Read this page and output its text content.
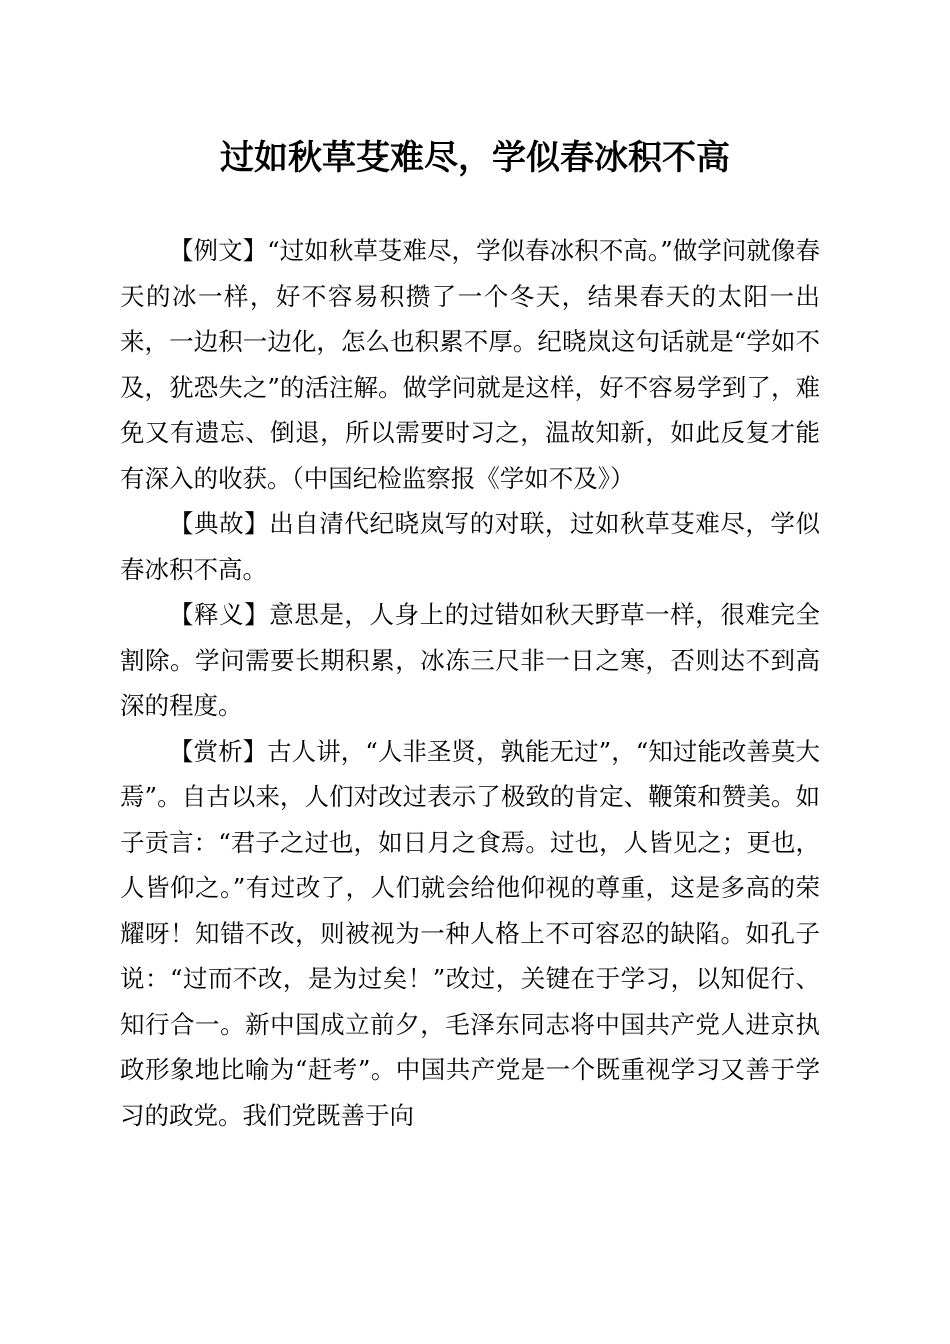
过如秋草芟难尽，学似春冰积不高

【例文】“过如秋草芟难尽，学似春冰积不高。”做学问就像春天的冰一样，好不容易积攒了一个冬天，结果春天的太阳一出来，一边积一边化，怎么也积累不厚。纪晓岚这句话就是“学如不及，犹恐失之”的活注解。做学问就是这样，好不容易学到了，难免又有遗忘、倒退，所以需要时习之，温故知新，如此反复才能有深入的收获。（中国纪检监察报《学如不及》）

【典故】出自清代纪晓岚写的对联，过如秋草芟难尽，学似春冰积不高。

【释义】意思是，人身上的过错如秋天野草一样，很难完全割除。学问需要长期积累，冰冻三尺非一日之寒，否则达不到高深的程度。

【赏析】古人讲，“人非圣贤，孰能无过”，“知过能改善莫大焉”。自古以来，人们对改过表示了极致的肯定、鞭策和赞美。如子贡言：“君子之过也，如日月之食焉。过也，人皆见之；更也，人皆仰之。”有过改了，人们就会给他仰视的尊重，这是多高的荣耀呀！知错不改，则被视为一种人格上不可容忍的缺陷。如孔子说：“过而不改，是为过矣！”改过，关键在于学习，以知促行、知行合一。新中国成立前夕，毛泽东同志将中国共产党人进京执政形象地比喻为“赶考”。中国共产党是一个既重视学习又善于学习的政党。我们党既善于向
